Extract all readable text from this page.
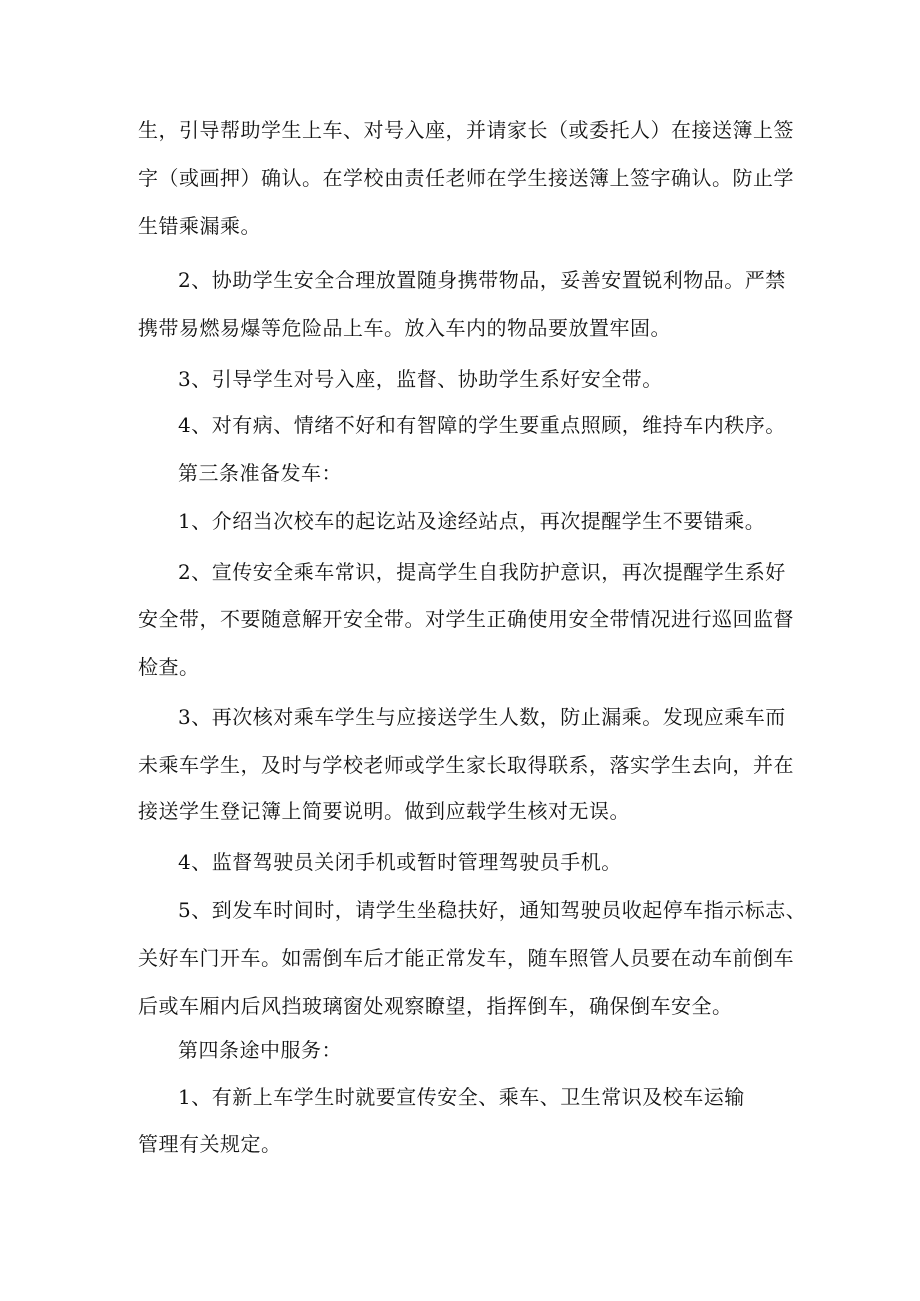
生，引导帮助学生上车、对号入座，并请家长（或委托人）在接送簿上签
字（或画押）确认。在学校由责任老师在学生接送簿上签字确认。防止学
生错乘漏乘。
2、协助学生安全合理放置随身携带物品，妥善安置锐利物品。严禁
携带易燃易爆等危险品上车。放入车内的物品要放置牢固。
3、引导学生对号入座，监督、协助学生系好安全带。
4、对有病、情绪不好和有智障的学生要重点照顾，维持车内秩序。
第三条准备发车：
1、介绍当次校车的起讫站及途经站点，再次提醒学生不要错乘。
2、宣传安全乘车常识，提高学生自我防护意识，再次提醒学生系好
安全带，不要随意解开安全带。对学生正确使用安全带情况进行巡回监督
检查。
3、再次核对乘车学生与应接送学生人数，防止漏乘。发现应乘车而
未乘车学生，及时与学校老师或学生家长取得联系，落实学生去向，并在
接送学生登记簿上简要说明。做到应载学生核对无误。
4、监督驾驶员关闭手机或暂时管理驾驶员手机。
5、到发车时间时，请学生坐稳扶好，通知驾驶员收起停车指示标志、
关好车门开车。如需倒车后才能正常发车，随车照管人员要在动车前倒车
后或车厢内后风挡玻璃窗处观察瞭望，指挥倒车，确保倒车安全。
第四条途中服务：
1、有新上车学生时就要宣传安全、乘车、卫生常识及校车运输
管理有关规定。
